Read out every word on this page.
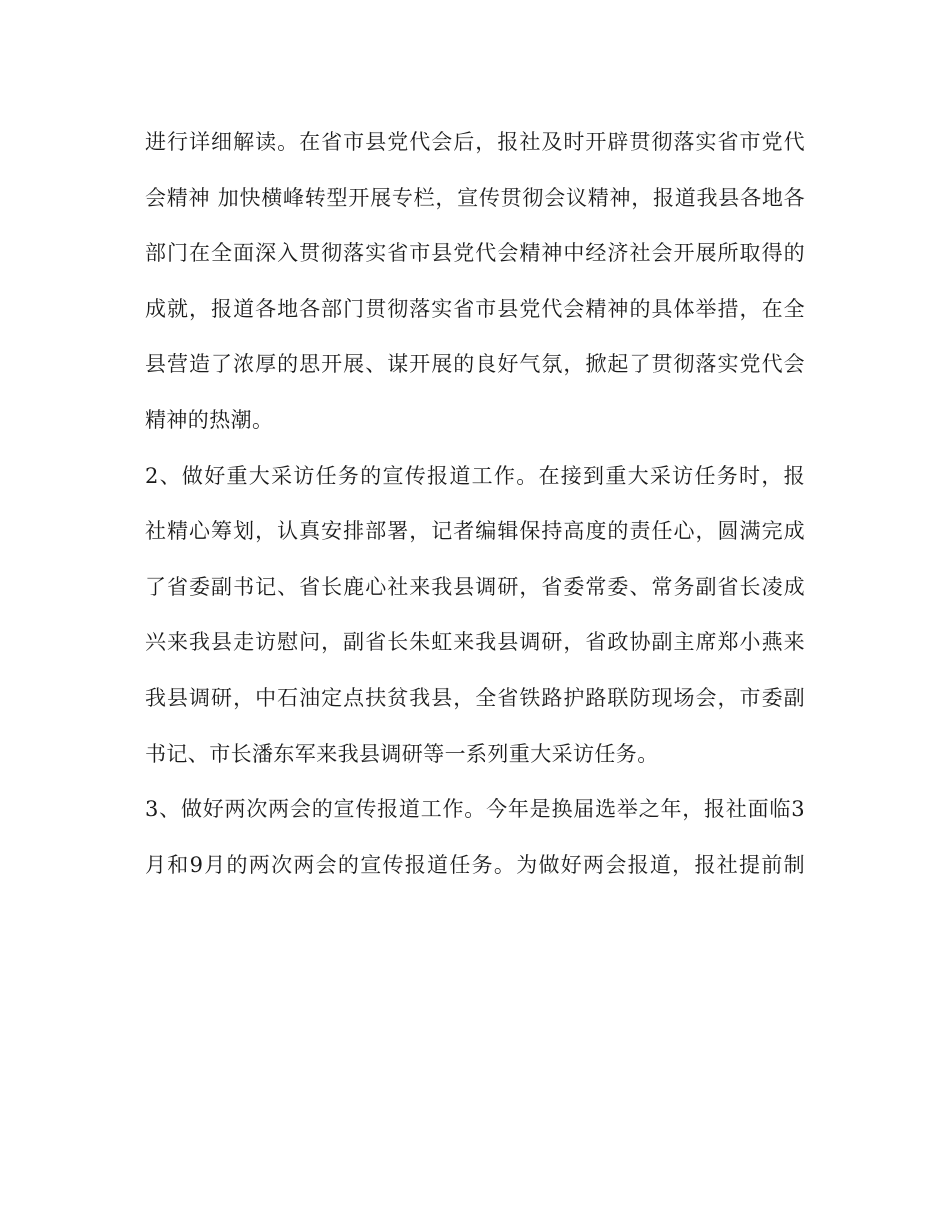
进行详细解读。在省市县党代会后，报社及时开辟贯彻落实省市党代
会精神 加快横峰转型开展专栏，宣传贯彻会议精神，报道我县各地各
部门在全面深入贯彻落实省市县党代会精神中经济社会开展所取得的
成就，报道各地各部门贯彻落实省市县党代会精神的具体举措，在全
县营造了浓厚的思开展、谋开展的良好气氛，掀起了贯彻落实党代会
精神的热潮。
2、做好重大采访任务的宣传报道工作。在接到重大采访任务时，报
社精心筹划，认真安排部署，记者编辑保持高度的责任心，圆满完成
了省委副书记、省长鹿心社来我县调研，省委常委、常务副省长凌成
兴来我县走访慰问，副省长朱虹来我县调研，省政协副主席郑小燕来
我县调研，中石油定点扶贫我县，全省铁路护路联防现场会，市委副
书记、市长潘东军来我县调研等一系列重大采访任务。
3、做好两次两会的宣传报道工作。今年是换届选举之年，报社面临3
月和9月的两次两会的宣传报道任务。为做好两会报道，报社提前制
